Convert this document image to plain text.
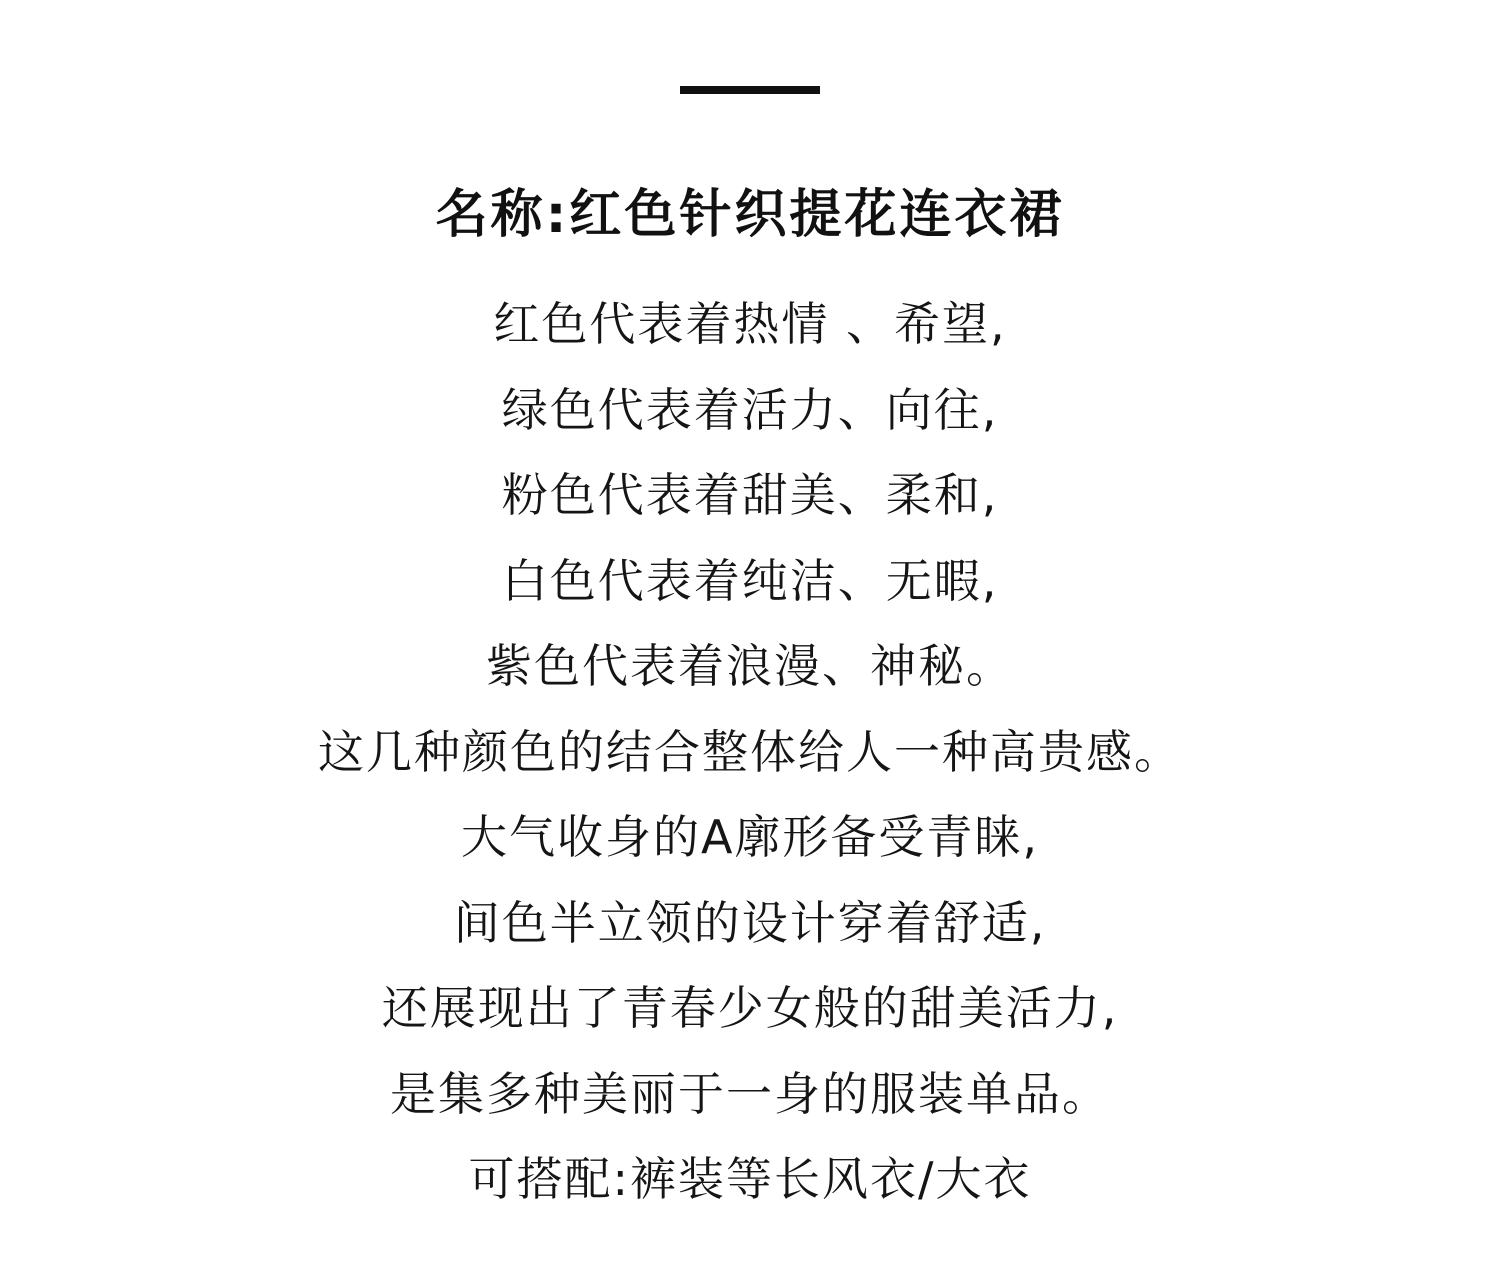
名称:红色针织提花连衣裙
红色代表着热情 、希望,
绿色代表着活力、向往,
粉色代表着甜美、柔和,
白色代表着纯洁、无暇,
紫色代表着浪漫、神秘。
这几种颜色的结合整体给人一种高贵感。
大气收身的A廓形备受青睐,
间色半立领的设计穿着舒适,
还展现出了青春少女般的甜美活力,
是集多种美丽于一身的服装单品。
可搭配:裤装等长风衣/大衣
